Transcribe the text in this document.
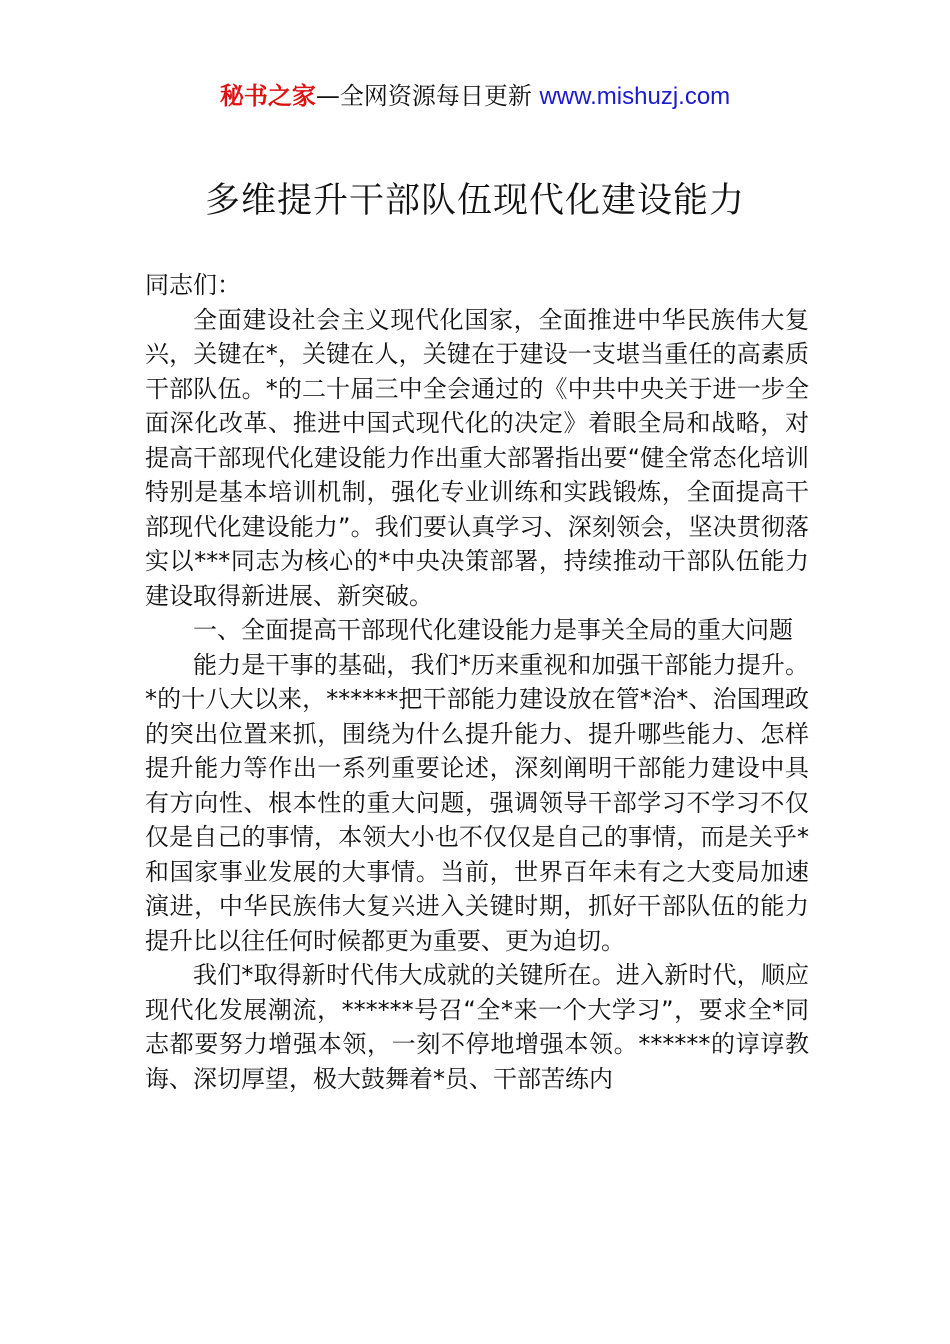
秘书之家—全网资源每日更新 www.mishuzj.com
多维提升干部队伍现代化建设能力

同志们：

全面建设社会主义现代化国家，全面推进中华民族伟大复兴，关键在*，关键在人，关键在于建设一支堪当重任的高素质干部队伍。*的二十届三中全会通过的《中共中央关于进一步全面深化改革、推进中国式现代化的决定》着眼全局和战略，对提高干部现代化建设能力作出重大部署指出要“健全常态化培训特别是基本培训机制，强化专业训练和实践锻炼，全面提高干部现代化建设能力”。我们要认真学习、深刻领会，坚决贯彻落实以***同志为核心的*中央决策部署，持续推动干部队伍能力建设取得新进展、新突破。

一、全面提高干部现代化建设能力是事关全局的重大问题

能力是干事的基础，我们*历来重视和加强干部能力提升。*的十八大以来，******把干部能力建设放在管*治*、治国理政的突出位置来抓，围绕为什么提升能力、提升哪些能力、怎样提升能力等作出一系列重要论述，深刻阐明干部能力建设中具有方向性、根本性的重大问题，强调领导干部学习不学习不仅仅是自己的事情，本领大小也不仅仅是自己的事情，而是关乎*和国家事业发展的大事情。当前，世界百年未有之大变局加速演进，中华民族伟大复兴进入关键时期，抓好干部队伍的能力提升比以往任何时候都更为重要、更为迫切。

我们*取得新时代伟大成就的关键所在。进入新时代，顺应现代化发展潮流，******号召“全*来一个大学习”，要求全*同志都要努力增强本领，一刻不停地增强本领。******的谆谆教诲、深切厚望，极大鼓舞着*员、干部苦练内
